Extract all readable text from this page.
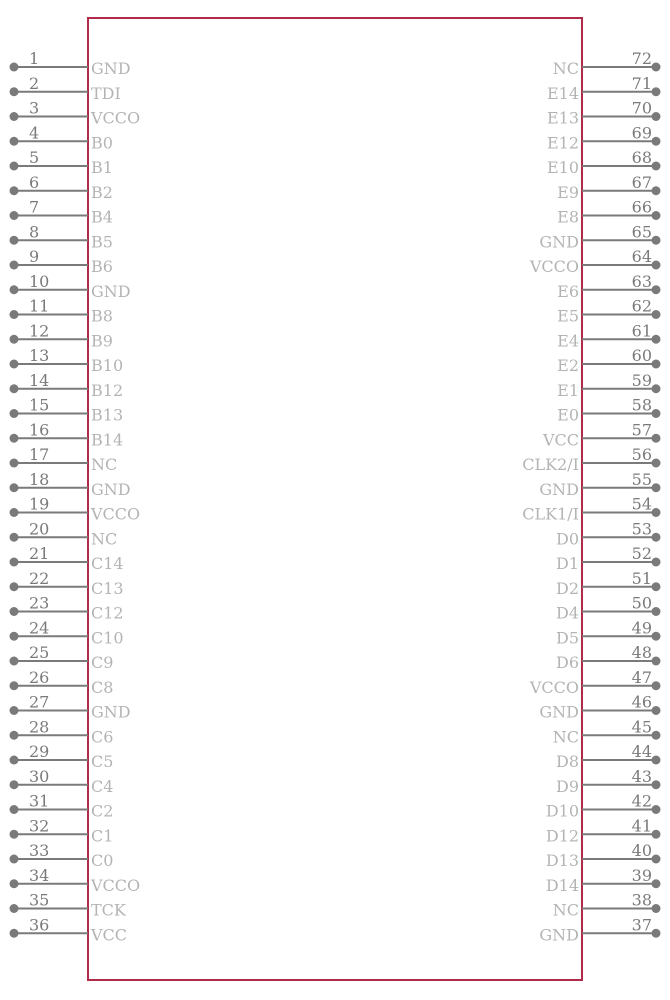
1
GND
2
TDI
3
VCCO
4
B0
5
B1
6
B2
7
B4
8
B5
9
B6
10
GND
11
B8
12
B9
13
B10
14
B12
15
B13
16
B14
17
NC
18
GND
19
VCCO
20
NC
21
C14
22
C13
23
C12
24
C10
25
C9
26
C8
27
GND
28
C6
29
C5
30
C4
31
C2
32
C1
33
C0
34
VCCO
35
TCK
36
VCC
72
NC
71
E14
70
E13
69
E12
68
E10
67
E9
66
E8
65
GND
64
VCCO
63
E6
62
E5
61
E4
60
E2
59
E1
58
E0
57
VCC
56
CLK2/I
55
GND
54
CLK1/I
53
D0
52
D1
51
D2
50
D4
49
D5
48
D6
47
VCCO
46
GND
45
NC
44
D8
43
D9
42
D10
41
D12
40
D13
39
D14
38
NC
37
GND
